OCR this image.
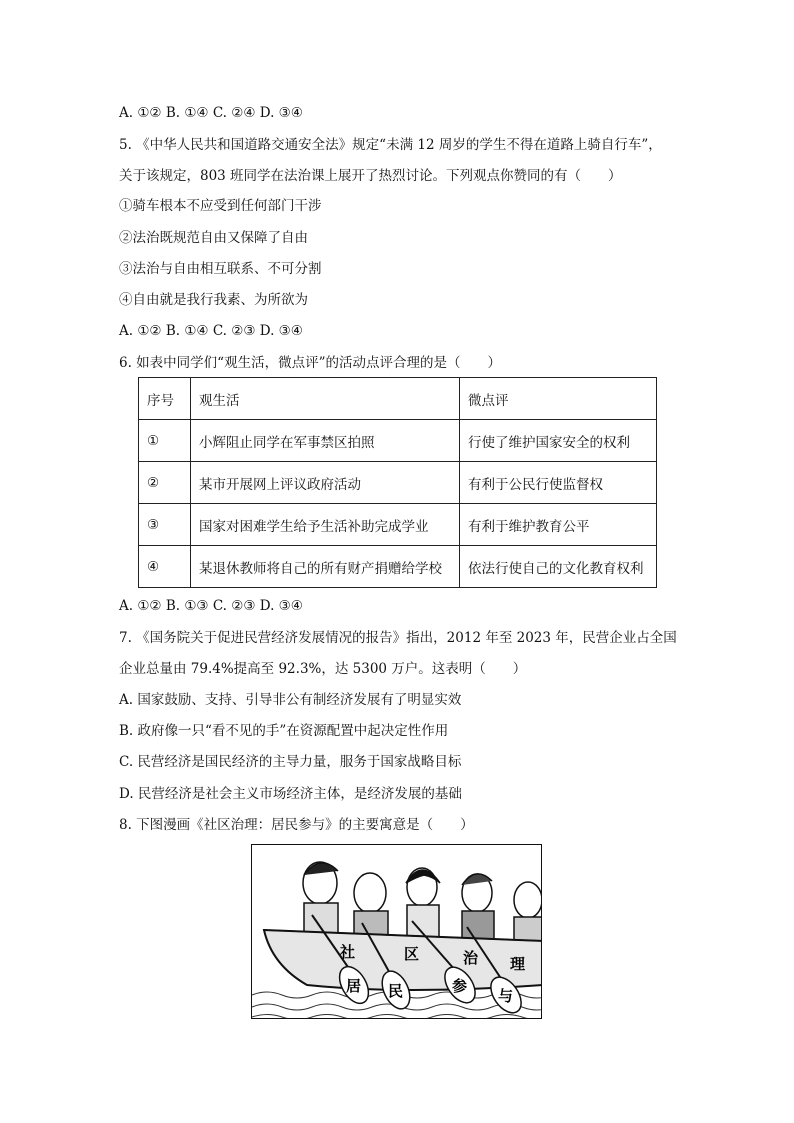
A. ①② B. ①④ C. ②④ D. ③④
5. 《中华人民共和国道路交通安全法》规定“未满 12 周岁的学生不得在道路上骑自行车”，
关于该规定，803 班同学在法治课上展开了热烈讨论。下列观点你赞同的有（　　）
①骑车根本不应受到任何部门干涉
②法治既规范自由又保障了自由
③法治与自由相互联系、不可分割
④自由就是我行我素、为所欲为
A. ①② B. ①④ C. ②③ D. ③④
6. 如表中同学们“观生活，微点评”的活动点评合理的是（　　）
序号	观生活	微点评
①	小辉阻止同学在军事禁区拍照	行使了维护国家安全的权利
②	某市开展网上评议政府活动	有利于公民行使监督权
③	国家对困难学生给予生活补助完成学业	有利于维护教育公平
④	某退休教师将自己的所有财产捐赠给学校	依法行使自己的文化教育权利
A. ①② B. ①③ C. ②③ D. ③④
7. 《国务院关于促进民营经济发展情况的报告》指出，2012 年至 2023 年，民营企业占全国
企业总量由 79.4%提高至 92.3%，达 5300 万户。这表明（　　）
A. 国家鼓励、支持、引导非公有制经济发展有了明显实效
B. 政府像一只“看不见的手”在资源配置中起决定性作用
C. 民营经济是国民经济的主导力量，服务于国家战略目标
D. 民营经济是社会主义市场经济主体，是经济发展的基础
8. 下图漫画《社区治理：居民参与》的主要寓意是（　　）
社	区	治 理
居 民	参
与
